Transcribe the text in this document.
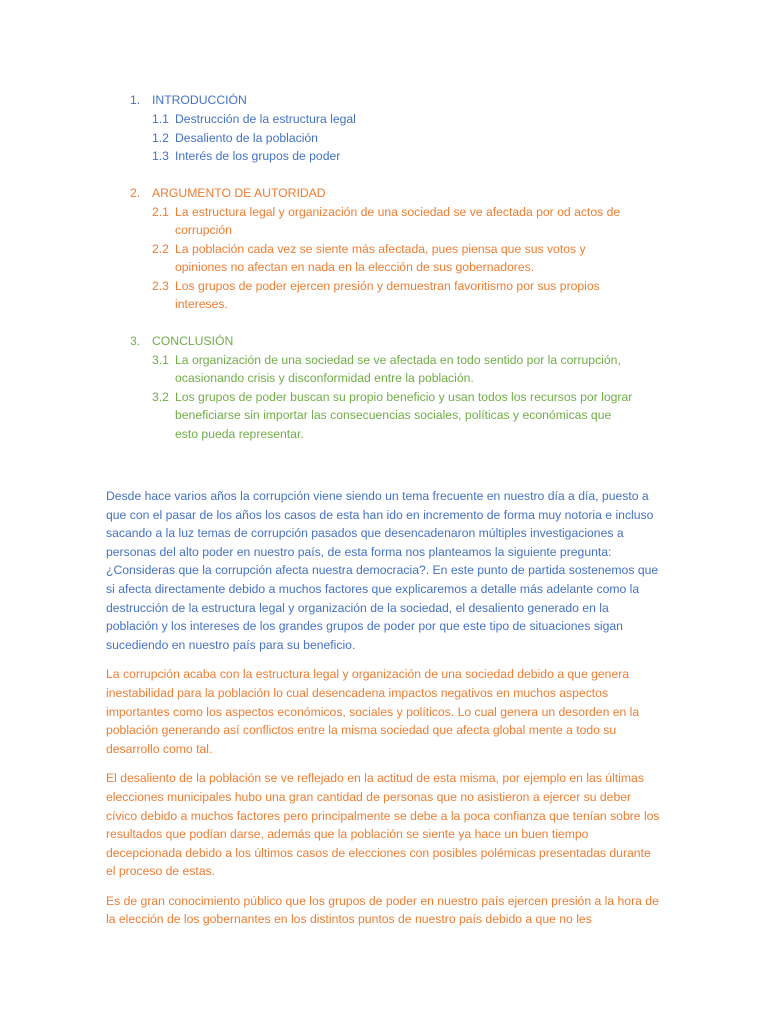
1. INTRODUCCIÓN
1.1 Destrucción de la estructura legal
1.2 Desaliento de la población
1.3 Interés de los grupos de poder
2. ARGUMENTO DE AUTORIDAD
2.1 La estructura legal y organización de una sociedad se ve afectada por od actos de corrupción
2.2 La población cada vez se siente más afectada, pues piensa que sus votos y opiniones no afectan en nada en la elección de sus gobernadores.
2.3 Los grupos de poder ejercen presión y demuestran favoritismo por sus propios intereses.
3. CONCLUSIÓN
3.1 La organización de una sociedad se ve afectada en todo sentido por la corrupción, ocasionando crisis y disconformidad entre la población.
3.2 Los grupos de poder buscan su propio beneficio y usan todos los recursos por lograr beneficiarse sin importar las consecuencias sociales, políticas y económicas que esto pueda representar.

Desde hace varios años la corrupción viene siendo un tema frecuente en nuestro día a día, puesto a que con el pasar de los años los casos de esta han ido en incremento de forma muy notoria e incluso sacando a la luz temas de corrupción pasados que desencadenaron múltiples investigaciones a personas del alto poder en nuestro país, de esta forma nos planteamos la siguiente pregunta: ¿Consideras que la corrupción afecta nuestra democracia?. En este punto de partida sostenemos que si afecta directamente debido a muchos factores que explicaremos a detalle más adelante como la destrucción de la estructura legal y organización de la sociedad, el desaliento generado en la población y los intereses de los grandes grupos de poder por que este tipo de situaciones sigan sucediendo en nuestro país para su beneficio.

La corrupción acaba con la estructura legal y organización de una sociedad debido a que genera inestabilidad para la población lo cual desencadena impactos negativos en muchos aspectos importantes como los aspectos económicos, sociales y políticos. Lo cual genera un desorden en la población generando así conflictos entre la misma sociedad que afecta global mente a todo su desarrollo como tal.

El desaliento de la población se ve reflejado en la actitud de esta misma, por ejemplo en las últimas elecciones municipales hubo una gran cantidad de personas que no asistieron a ejercer su deber cívico debido a muchos factores pero principalmente se debe a la poca confianza que tenían sobre los resultados que podían darse, además que la población se siente ya hace un buen tiempo decepcionada debido a los últimos casos de elecciones con posibles polémicas presentadas durante el proceso de estas.

Es de gran conocimiento público que los grupos de poder en nuestro país ejercen presión a la hora de la elección de los gobernantes en los distintos puntos de nuestro país debido a que no les
